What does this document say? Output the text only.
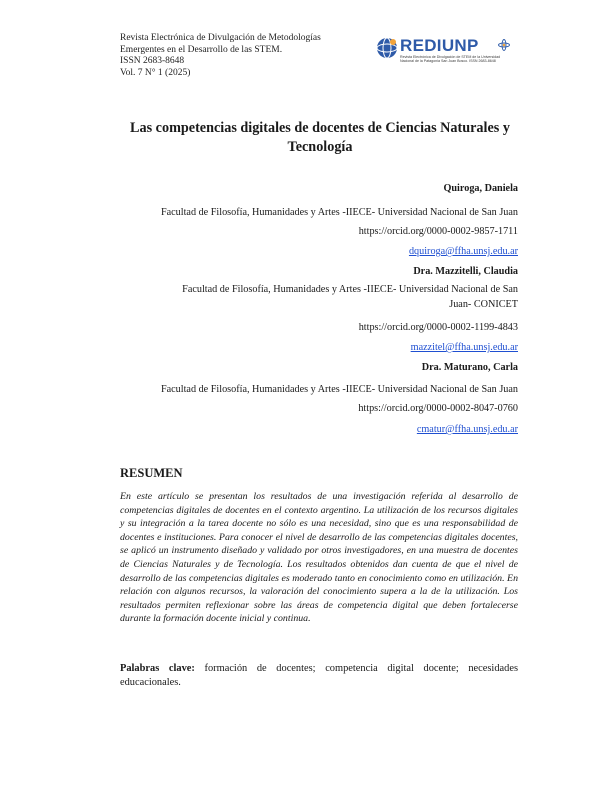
Revista Electrónica de Divulgación de Metodologías
Emergentes en el Desarrollo de las STEM.
ISSN 2683-8648
Vol. 7 N° 1 (2025)
REDIUNP
Revista Electrónica de Divulgación de STEM de la Universidad Nacional de la Patagonia San Juan Bosco. ISSN 2683-8648
Las competencias digitales de docentes de Ciencias Naturales y Tecnología
Quiroga, Daniela
Facultad de Filosofía, Humanidades y Artes -IIECE- Universidad Nacional de San Juan
https://orcid.org/0000-0002-9857-1711
dquiroga@ffha.unsj.edu.ar
Dra. Mazzitelli, Claudia
Facultad de Filosofía, Humanidades y Artes -IIECE- Universidad Nacional de San
Juan- CONICET
https://orcid.org/0000-0002-1199-4843
mazzitel@ffha.unsj.edu.ar
Dra. Maturano, Carla
Facultad de Filosofía, Humanidades y Artes -IIECE- Universidad Nacional de San Juan
https://orcid.org/0000-0002-8047-0760
cmatur@ffha.unsj.edu.ar
RESUMEN
En este artículo se presentan los resultados de una investigación referida al desarrollo de competencias digitales de docentes en el contexto argentino. La utilización de los recursos digitales y su integración a la tarea docente no sólo es una necesidad, sino que es una responsabilidad de docentes e instituciones. Para conocer el nivel de desarrollo de las competencias digitales docentes, se aplicó un instrumento diseñado y validado por otros investigadores, en una muestra de docentes de Ciencias Naturales y de Tecnología. Los resultados obtenidos dan cuenta de que el nivel de desarrollo de las competencias digitales es moderado tanto en conocimiento como en utilización. En relación con algunos recursos, la valoración del conocimiento supera a la de la utilización. Los resultados permiten reflexionar sobre las áreas de competencia digital que deben fortalecerse durante la formación docente inicial y continua.
Palabras clave: formación de docentes; competencia digital docente; necesidades educacionales.
